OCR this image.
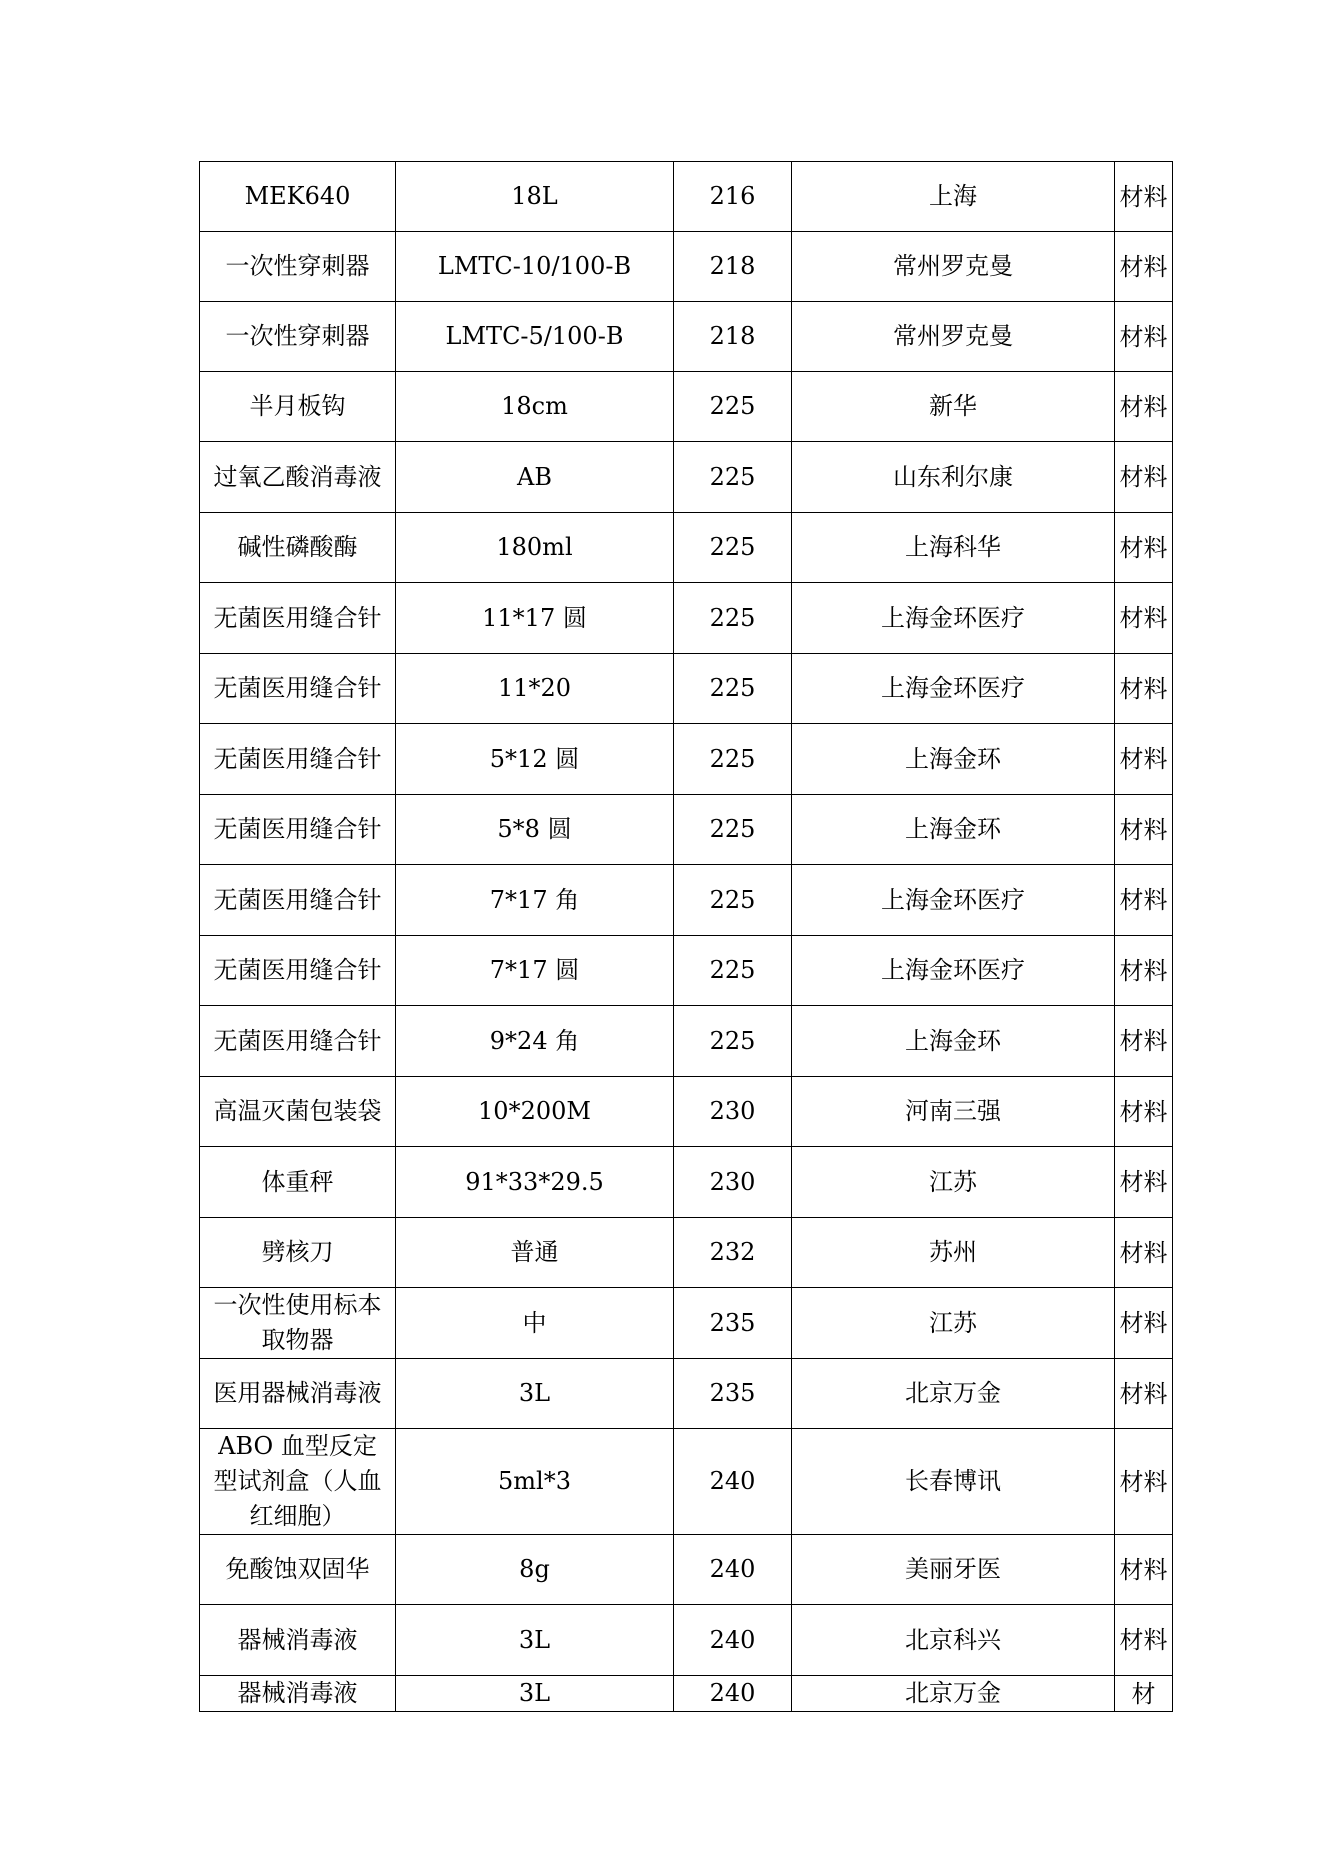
MEK640	18L	216	上海	材料

一次性穿刺器	LMTC-10/100-B	218	常州罗克曼	材料

一次性穿刺器	LMTC-5/100-B	218	常州罗克曼	材料

半月板钩	18cm	225	新华	材料

过氧乙酸消毒液	AB	225	山东利尔康	材料

碱性磷酸酶	180ml	225	上海科华	材料

无菌医用缝合针	11*17 圆	225	上海金环医疗	材料

无菌医用缝合针	11*20	225	上海金环医疗	材料

无菌医用缝合针	5*12 圆	225	上海金环	材料

无菌医用缝合针	5*8 圆	225	上海金环	材料

无菌医用缝合针	7*17 角	225	上海金环医疗	材料

无菌医用缝合针	7*17 圆	225	上海金环医疗	材料

无菌医用缝合针	9*24 角	225	上海金环	材料

高温灭菌包装袋	10*200M	230	河南三强	材料

体重秤	91*33*29.5	230	江苏	材料

劈核刀	普通	232	苏州	材料

一次性使用标本取物器	中	235	江苏	材料

医用器械消毒液	3L	235	北京万金	材料

ABO 血型反定型试剂盒（人血红细胞）	5ml*3	240	长春博讯	材料

免酸蚀双固华	8g	240	美丽牙医	材料

器械消毒液	3L	240	北京科兴	材料

器械消毒液	3L	240	北京万金	材
